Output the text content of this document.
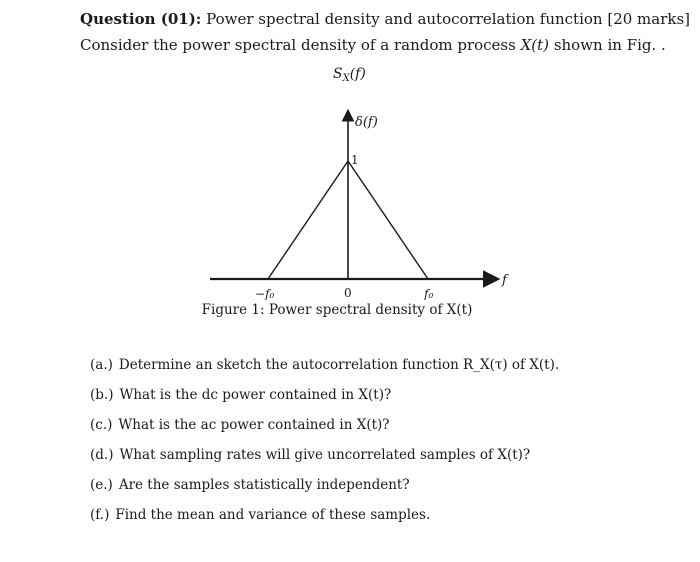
Question (01): Power spectral density and autocorrelation function [20 marks]
Consider the power spectral density of a random process X(t) shown in Fig. .
$S_X(f)$
f
δ(f)
1
−f₀	0	f₀
Figure 1: Power spectral density of X(t)
(a.) Determine an sketch the autocorrelation function R_X(τ) of X(t).
(b.) What is the dc power contained in X(t)?
(c.) What is the ac power contained in X(t)?
(d.) What sampling rates will give uncorrelated samples of X(t)?
(e.) Are the samples statistically independent?
(f.) Find the mean and variance of these samples.
